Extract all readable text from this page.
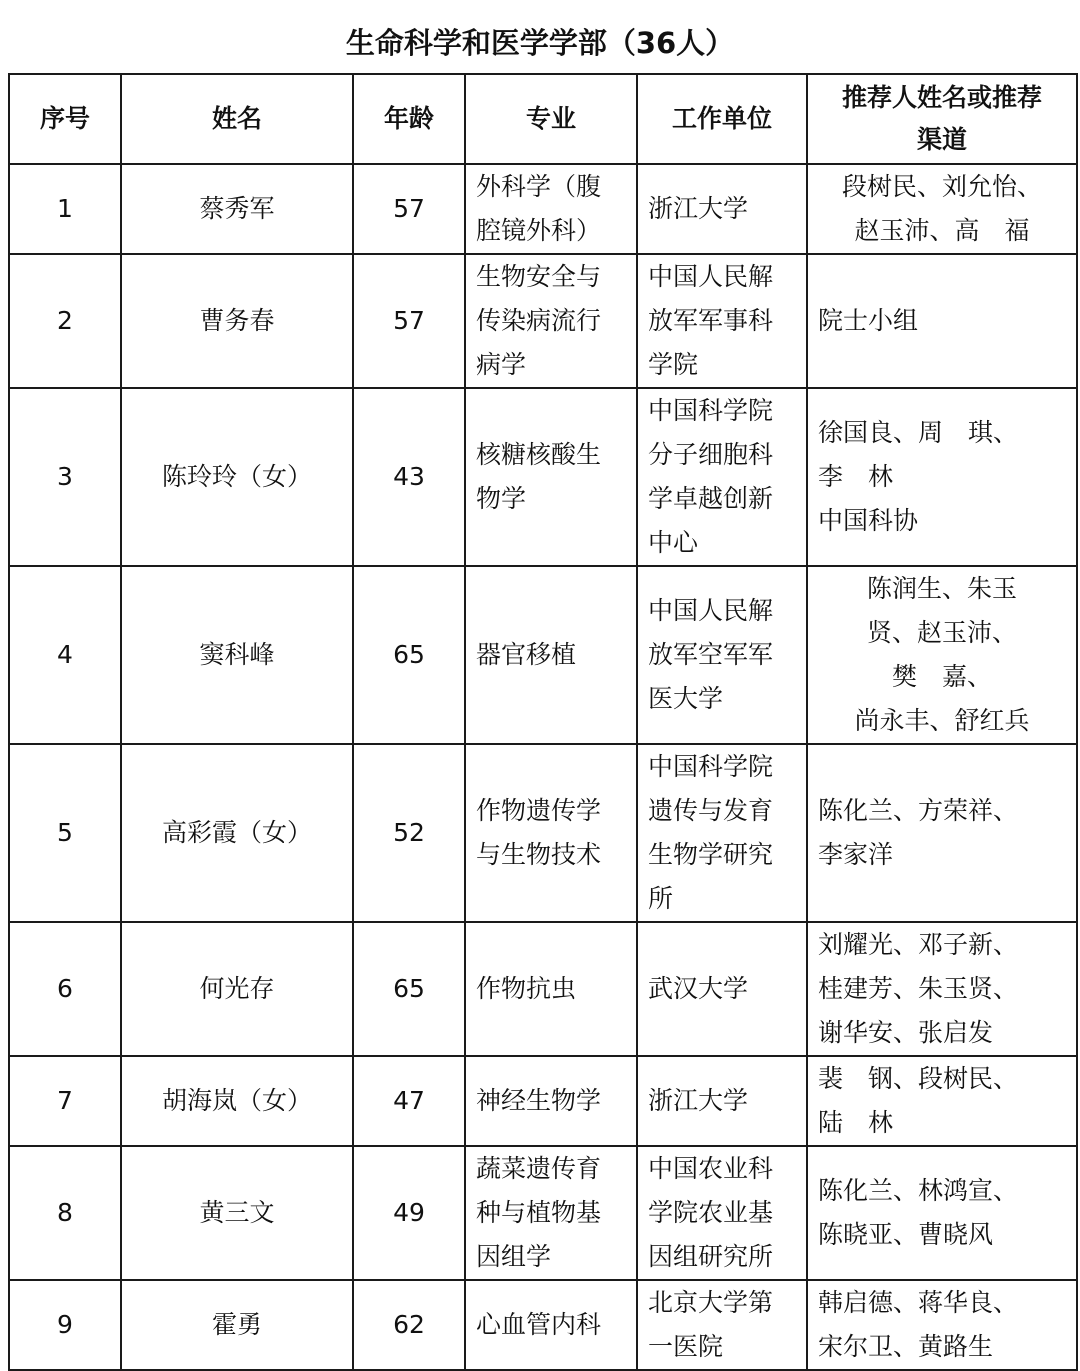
生命科学和医学学部（36人）
序号	姓名	年龄	专业	工作单位	推荐人姓名或推荐
渠道
1	蔡秀军	57	外科学（腹
腔镜外科）	浙江大学	段树民、刘允怡、
赵玉沛、高　福
2	曹务春	57	生物安全与
传染病流行
病学	中国人民解
放军军事科
学院	院士小组
3	陈玲玲（女）	43	核糖核酸生
物学	中国科学院
分子细胞科
学卓越创新
中心	徐国良、周　琪、
李　林
中国科协
4	窦科峰	65	器官移植	中国人民解
放军空军军
医大学	陈润生、朱玉
贤、赵玉沛、
樊　嘉、
尚永丰、舒红兵
5	高彩霞（女）	52	作物遗传学
与生物技术	中国科学院
遗传与发育
生物学研究
所	陈化兰、方荣祥、
李家洋
6	何光存	65	作物抗虫	武汉大学	刘耀光、邓子新、
桂建芳、朱玉贤、
谢华安、张启发
7	胡海岚（女）	47	神经生物学	浙江大学	裴　钢、段树民、
陆　林
8	黄三文	49	蔬菜遗传育
种与植物基
因组学	中国农业科
学院农业基
因组研究所	陈化兰、林鸿宣、
陈晓亚、曹晓风
9	霍勇	62	心血管内科	北京大学第
一医院	韩启德、蒋华良、
宋尔卫、黄路生
